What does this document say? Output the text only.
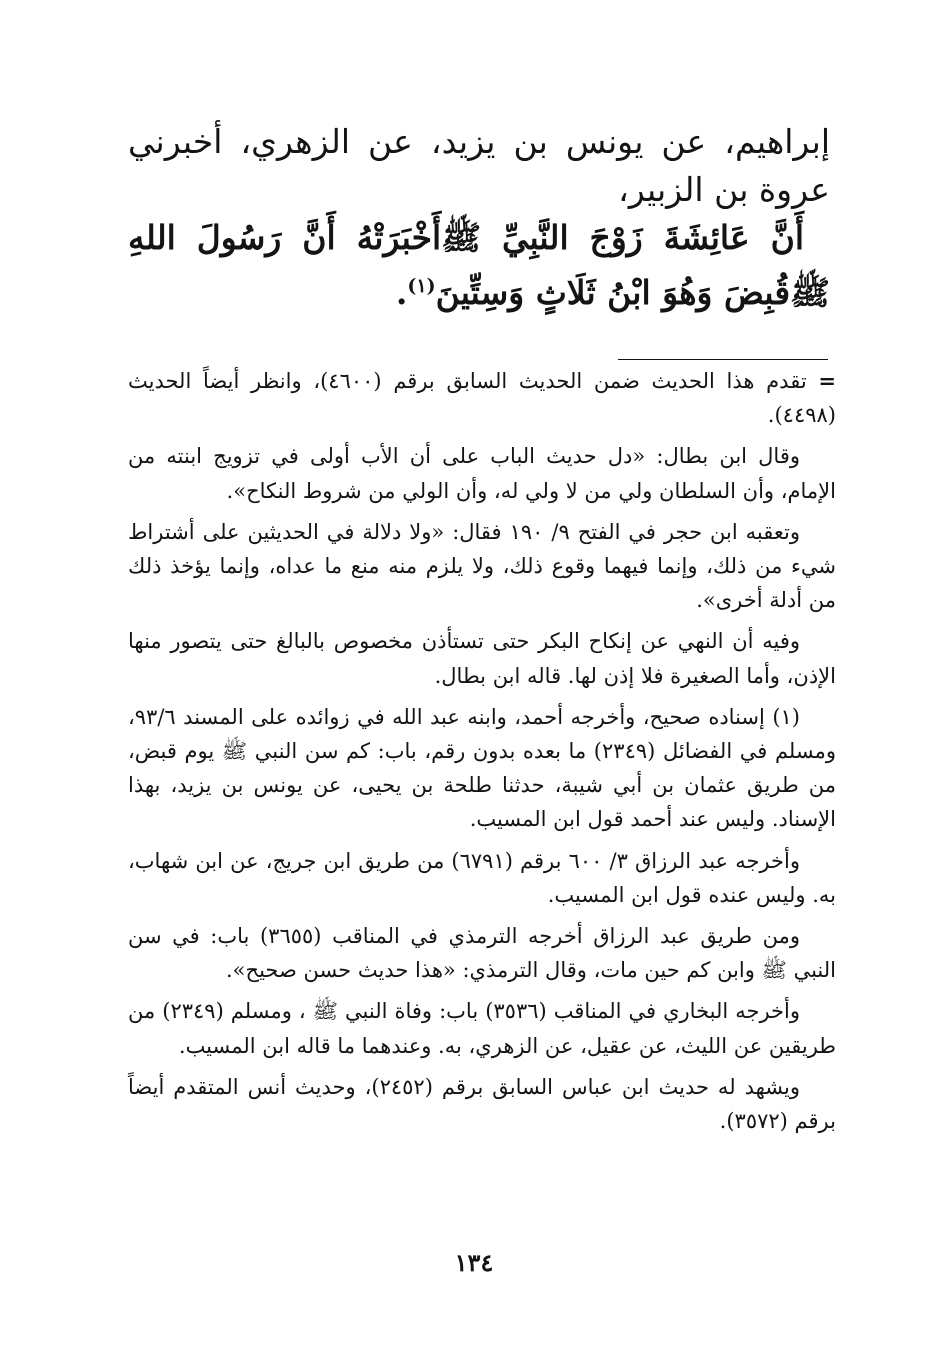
إبراهيم، عن يونس بن يزيد، عن الزهري، أخبرني عروة بن الزبير،

أَنَّ عَائِشَةَ زَوْجَ النَّبِيِّ ﷺأَخْبَرَتْهُ أَنَّ رَسُولَ اللهِ ﷺقُبِضَ وَهُوَ ابْنُ ثَلَاثٍ وَسِتِّينَ$^{(١)}$.

= تقدم هذا الحديث ضمن الحديث السابق برقم (٤٦٠٠)، وانظر أيضاً الحديث (٤٤٩٨).

وقال ابن بطال: «دل حديث الباب على أن الأب أولى في تزويج ابنته من الإمام، وأن السلطان ولي من لا ولي له، وأن الولي من شروط النكاح».

وتعقبه ابن حجر في الفتح ٩/ ١٩٠ فقال: «ولا دلالة في الحديثين على أشتراط شيء من ذلك، وإنما فيهما وقوع ذلك، ولا يلزم منه منع ما عداه، وإنما يؤخذ ذلك من أدلة أخرى».

وفيه أن النهي عن إنكاح البكر حتى تستأذن مخصوص بالبالغ حتى يتصور منها الإذن، وأما الصغيرة فلا إذن لها. قاله ابن بطال.

(١) إسناده صحيح، وأخرجه أحمد، وابنه عبد الله في زوائده على المسند ٩٣/٦، ومسلم في الفضائل (٢٣٤٩) ما بعده بدون رقم، باب: كم سن النبي ﷺ يوم قبض، من طريق عثمان بن أبي شيبة، حدثنا طلحة بن يحيى، عن يونس بن يزيد، بهذا الإسناد. وليس عند أحمد قول ابن المسيب.

وأخرجه عبد الرزاق ٣/ ٦٠٠ برقم (٦٧٩١) من طريق ابن جريج، عن ابن شهاب، به. وليس عنده قول ابن المسيب.

ومن طريق عبد الرزاق أخرجه الترمذي في المناقب (٣٦٥٥) باب: في سن النبي ﷺ وابن كم حين مات، وقال الترمذي: «هذا حديث حسن صحيح».

وأخرجه البخاري في المناقب (٣٥٣٦) باب: وفاة النبي ﷺ ، ومسلم (٢٣٤٩) من طريقين عن الليث، عن عقيل، عن الزهري، به. وعندهما ما قاله ابن المسيب.

ويشهد له حديث ابن عباس السابق برقم (٢٤٥٢)، وحديث أنس المتقدم أيضاً برقم (٣٥٧٢).

١٣٤
